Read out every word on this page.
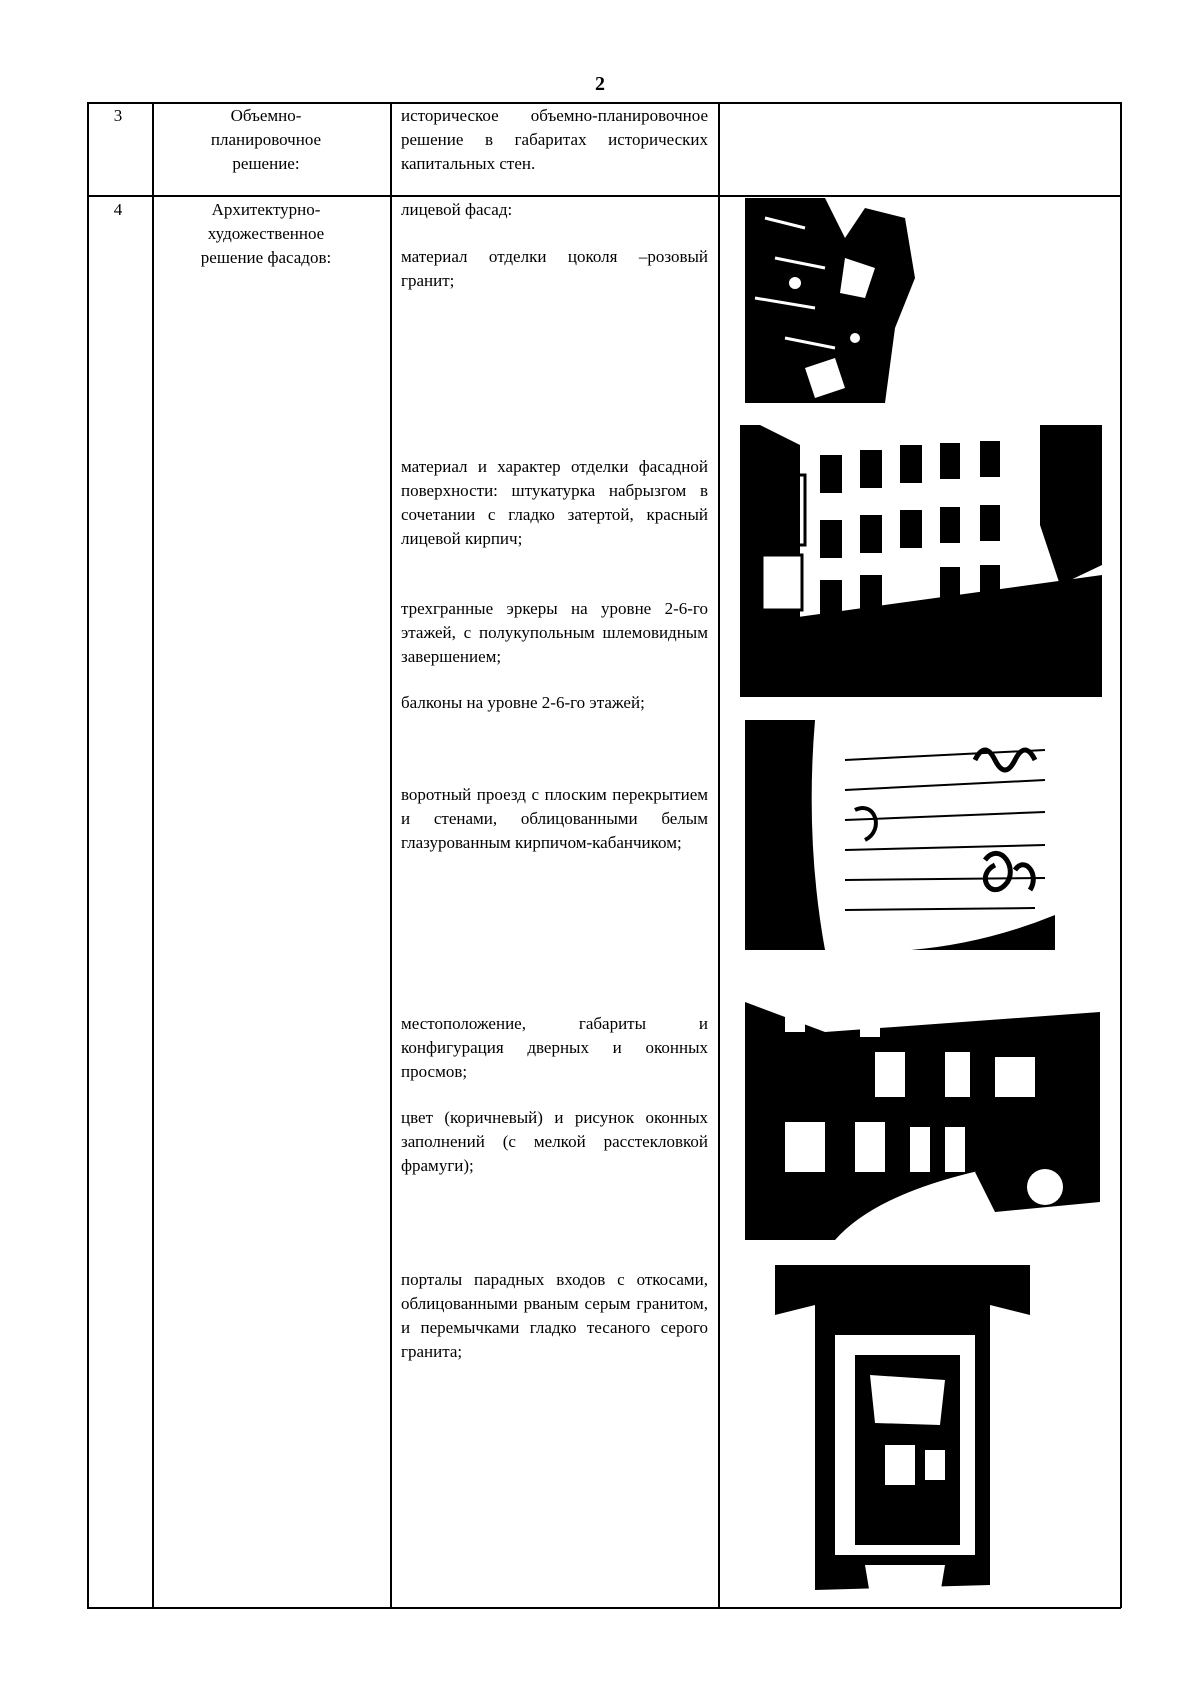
2
3	Объемно-планировочное решение:

историческое объемно-планировочное решение в габаритах исторических капитальных стен.

4	Архитектурно-художественное решение фасадов:
лицевой фасад:
материал отделки цоколя –розовый гранит;
материал и характер отделки фасадной поверхности: штукатурка набрызгом в сочетании с гладко затертой, красный лицевой кирпич;
трехгранные эркеры на уровне 2-6-го этажей, с полукупольным шлемовидным завершением;
балконы на уровне 2-6-го этажей;
воротный проезд с плоским перекрытием и стенами, облицованными белым глазурованным кирпичом-кабанчиком;
местоположение, габариты и конфигурация дверных и оконных просмов;
цвет (коричневый) и рисунок оконных заполнений (с мелкой расстекловкой фрамуги);
порталы парадных входов с откосами, облицованными рваным серым гранитом, и перемычками гладко тесаного серого гранита;
